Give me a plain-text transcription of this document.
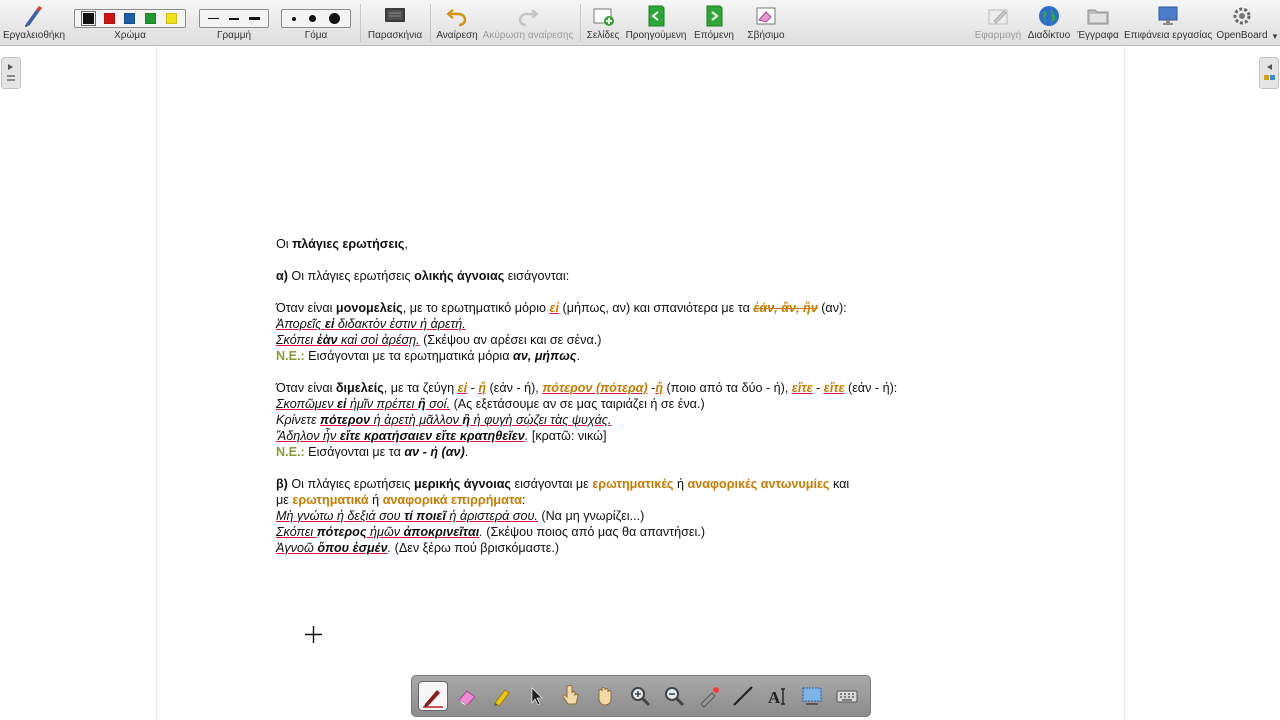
Εργαλειοθήκη	Χρώμα	Γραμμή	Γόμα	Παρασκήνια	Αναίρεση Ακύρωση αναίρεσης Σελίδες Προηγούμενη Επόμενη	Σβήσιμο	Εφαρμογή Διαδίκτυο Έγγραφα Επιφάνεια εργασίας OpenBoard ▼
Οι πλάγιες ερωτήσεις,
α) Οι πλάγιες ερωτήσεις ολικής άγνοιας εισάγονται:
Όταν είναι μονομελείς, με το ερωτηματικό μόριο εἰ (μήπως, αν) και σπανιότερα με τα ἐάν, ἄν, ἤν (αν):
Ἀπορεῖς εἰ διδακτὸν ἐστιν ἡ ἀρετή.
Σκόπει ἐὰν καὶ σοὶ ἀρέσῃ. (Σκέψου αν αρέσει και σε σένα.)
Ν.Ε.: Εισάγονται με τα ερωτηματικά μόρια αν, μήπως.
Όταν είναι διμελείς, με τα ζεύγη εἰ - ἤ (εάν - ή), πότερον (πότερα) -ἤ (ποιο από τα δύο - ή), εἴτε - εἴτε (εάν - ή):
Σκοπῶμεν εἰ ἡμῖν πρέπει ἢ σοί. (Ας εξετάσουμε αν σε μας ταιριάζει ή σε ένα.)
Κρίνετε πότερον ἡ ἀρετὴ μᾶλλον ἢ ἡ φυγὴ σῴζει τὰς ψυχάς.
Ἄδηλον ἦν εἴτε κρατήσαιεν εἴτε κρατηθεῖεν. [κρατῶ: νικώ]
Ν.Ε.: Εισάγονται με τα αν - ή (αν).
β) Οι πλάγιες ερωτήσεις μερικής άγνοιας εισάγονται με ερωτηματικές ή αναφορικές αντωνυμίες και
με ερωτηματικά ή αναφορικά επιρρήματα:
Μὴ γνώτω ἡ δεξιά σου τί ποιεῖ ἡ ἀριστερά σου. (Να μη γνωρίζει...)
Σκόπει πότερος ἡμῶν ἀποκρινεῖται. (Σκέψου ποιος από μας θα απαντήσει.)
Ἀγνοῶ ὅπου ἐσμέν. (Δεν ξέρω πού βρισκόμαστε.)
A
